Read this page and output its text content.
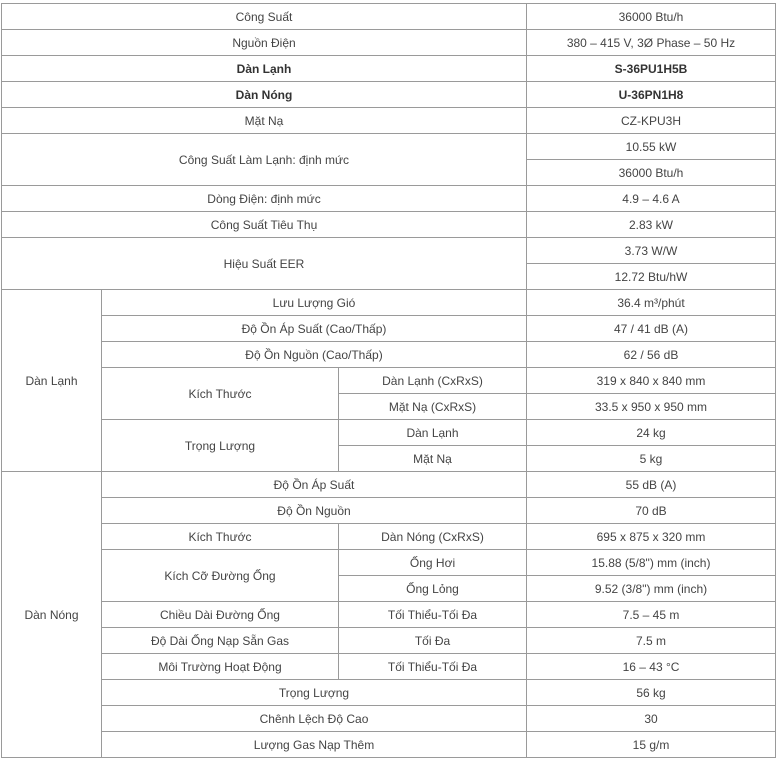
Công Suất			36000 Btu/h
Nguồn Điện			380 – 415 V, 3Ø Phase – 50 Hz
Dàn Lạnh			S-36PU1H5B
Dàn Nóng			U-36PN1H8
Mặt Nạ			CZ-KPU3H
Công Suất Làm Lạnh: định mức			10.55 kW
			36000 Btu/h
Dòng Điện: định mức			4.9 – 4.6 A
Công Suất Tiêu Thụ			2.83 kW
Hiệu Suất EER			3.73 W/W
			12.72 Btu/hW
Dàn Lạnh	Lưu Lượng Gió		36.4 m³/phút
	Độ Ồn Áp Suất (Cao/Thấp)		47 / 41 dB (A)
	Độ Ồn Nguồn (Cao/Thấp)		62 / 56 dB
	Kích Thước	Dàn Lạnh (CxRxS)	319 x 840 x 840 mm
		Mặt Nạ (CxRxS)	33.5 x 950 x 950 mm
	Trọng Lượng	Dàn Lạnh	24 kg
		Mặt Nạ	5 kg
Dàn Nóng	Độ Ồn Áp Suất		55 dB (A)
	Độ Ồn Nguồn		70 dB
	Kích Thước	Dàn Nóng (CxRxS)	695 x 875 x 320 mm
	Kích Cỡ Đường Ống	Ống Hơi	15.88 (5/8") mm (inch)
		Ống Lỏng	9.52 (3/8") mm (inch)
	Chiều Dài Đường Ống	Tối Thiểu-Tối Đa	7.5 – 45 m
	Độ Dài Ống Nạp Sẵn Gas	Tối Đa	7.5 m
	Môi Trường Hoạt Động	Tối Thiểu-Tối Đa	16 – 43 °C
	Trọng Lượng		56 kg
	Chênh Lệch Độ Cao		30
	Lượng Gas Nạp Thêm		15 g/m
